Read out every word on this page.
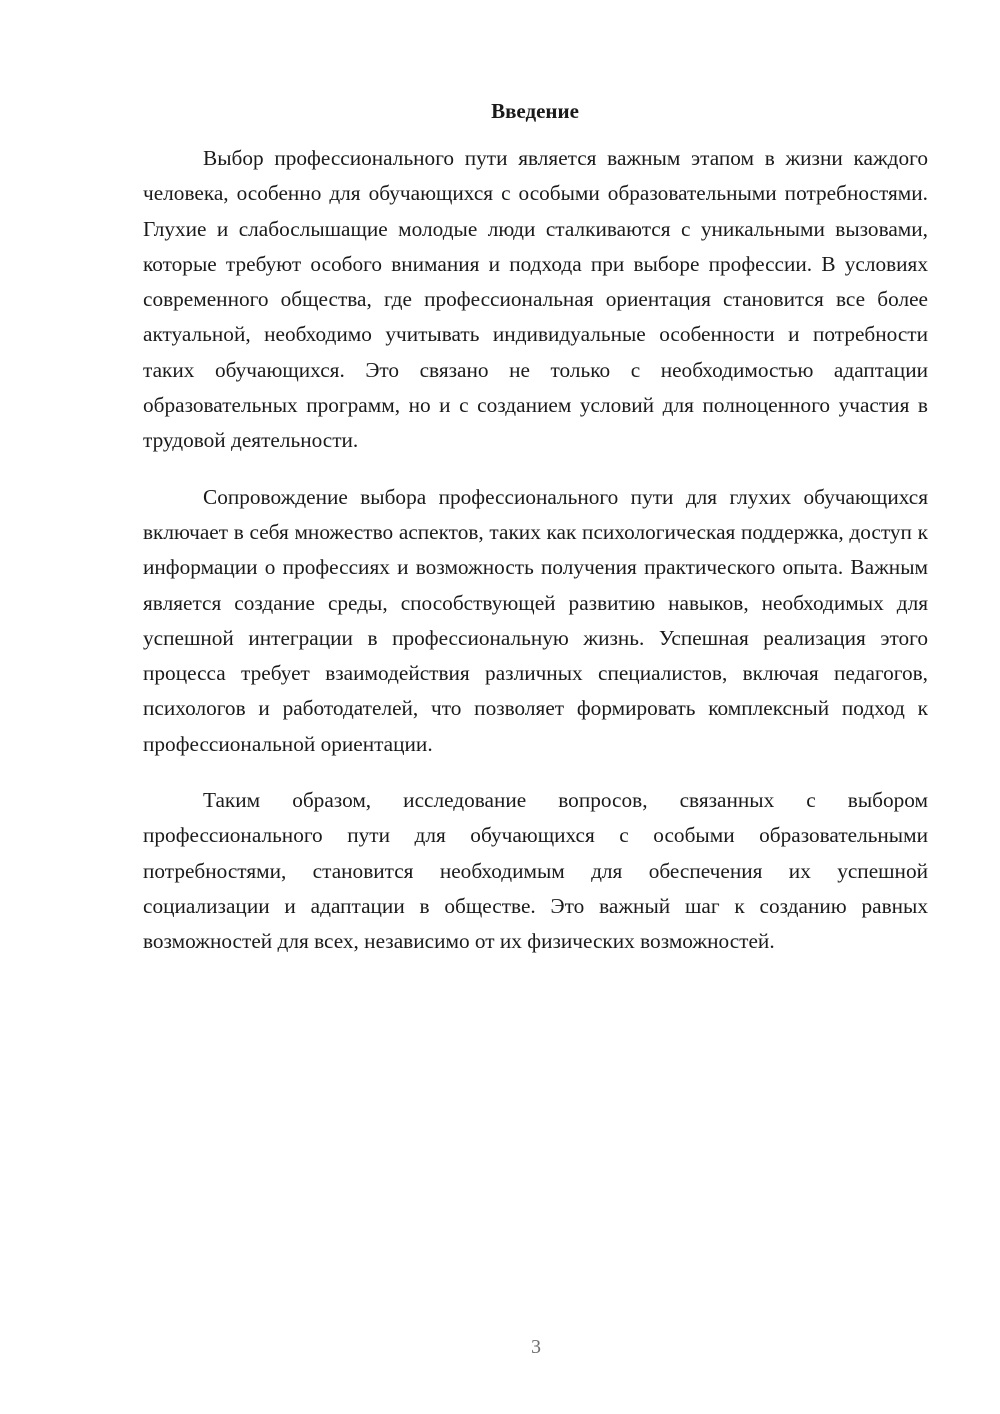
Введение

Выбор профессионального пути является важным этапом в жизни каждого человека, особенно для обучающихся с особыми образовательными потребностями. Глухие и слабослышащие молодые люди сталкиваются с уникальными вызовами, которые требуют особого внимания и подхода при выборе профессии. В условиях современного общества, где профессиональная ориентация становится все более актуальной, необходимо учитывать индивидуальные особенности и потребности таких обучающихся. Это связано не только с необходимостью адаптации образовательных программ, но и с созданием условий для полноценного участия в трудовой деятельности.

Сопровождение выбора профессионального пути для глухих обучающихся включает в себя множество аспектов, таких как психологическая поддержка, доступ к информации о профессиях и возможность получения практического опыта. Важным является создание среды, способствующей развитию навыков, необходимых для успешной интеграции в профессиональную жизнь. Успешная реализация этого процесса требует взаимодействия различных специалистов, включая педагогов, психологов и работодателей, что позволяет формировать комплексный подход к профессиональной ориентации.

Таким образом, исследование вопросов, связанных с выбором профессионального пути для обучающихся с особыми образовательными потребностями, становится необходимым для обеспечения их успешной социализации и адаптации в обществе. Это важный шаг к созданию равных возможностей для всех, независимо от их физических возможностей.

3
